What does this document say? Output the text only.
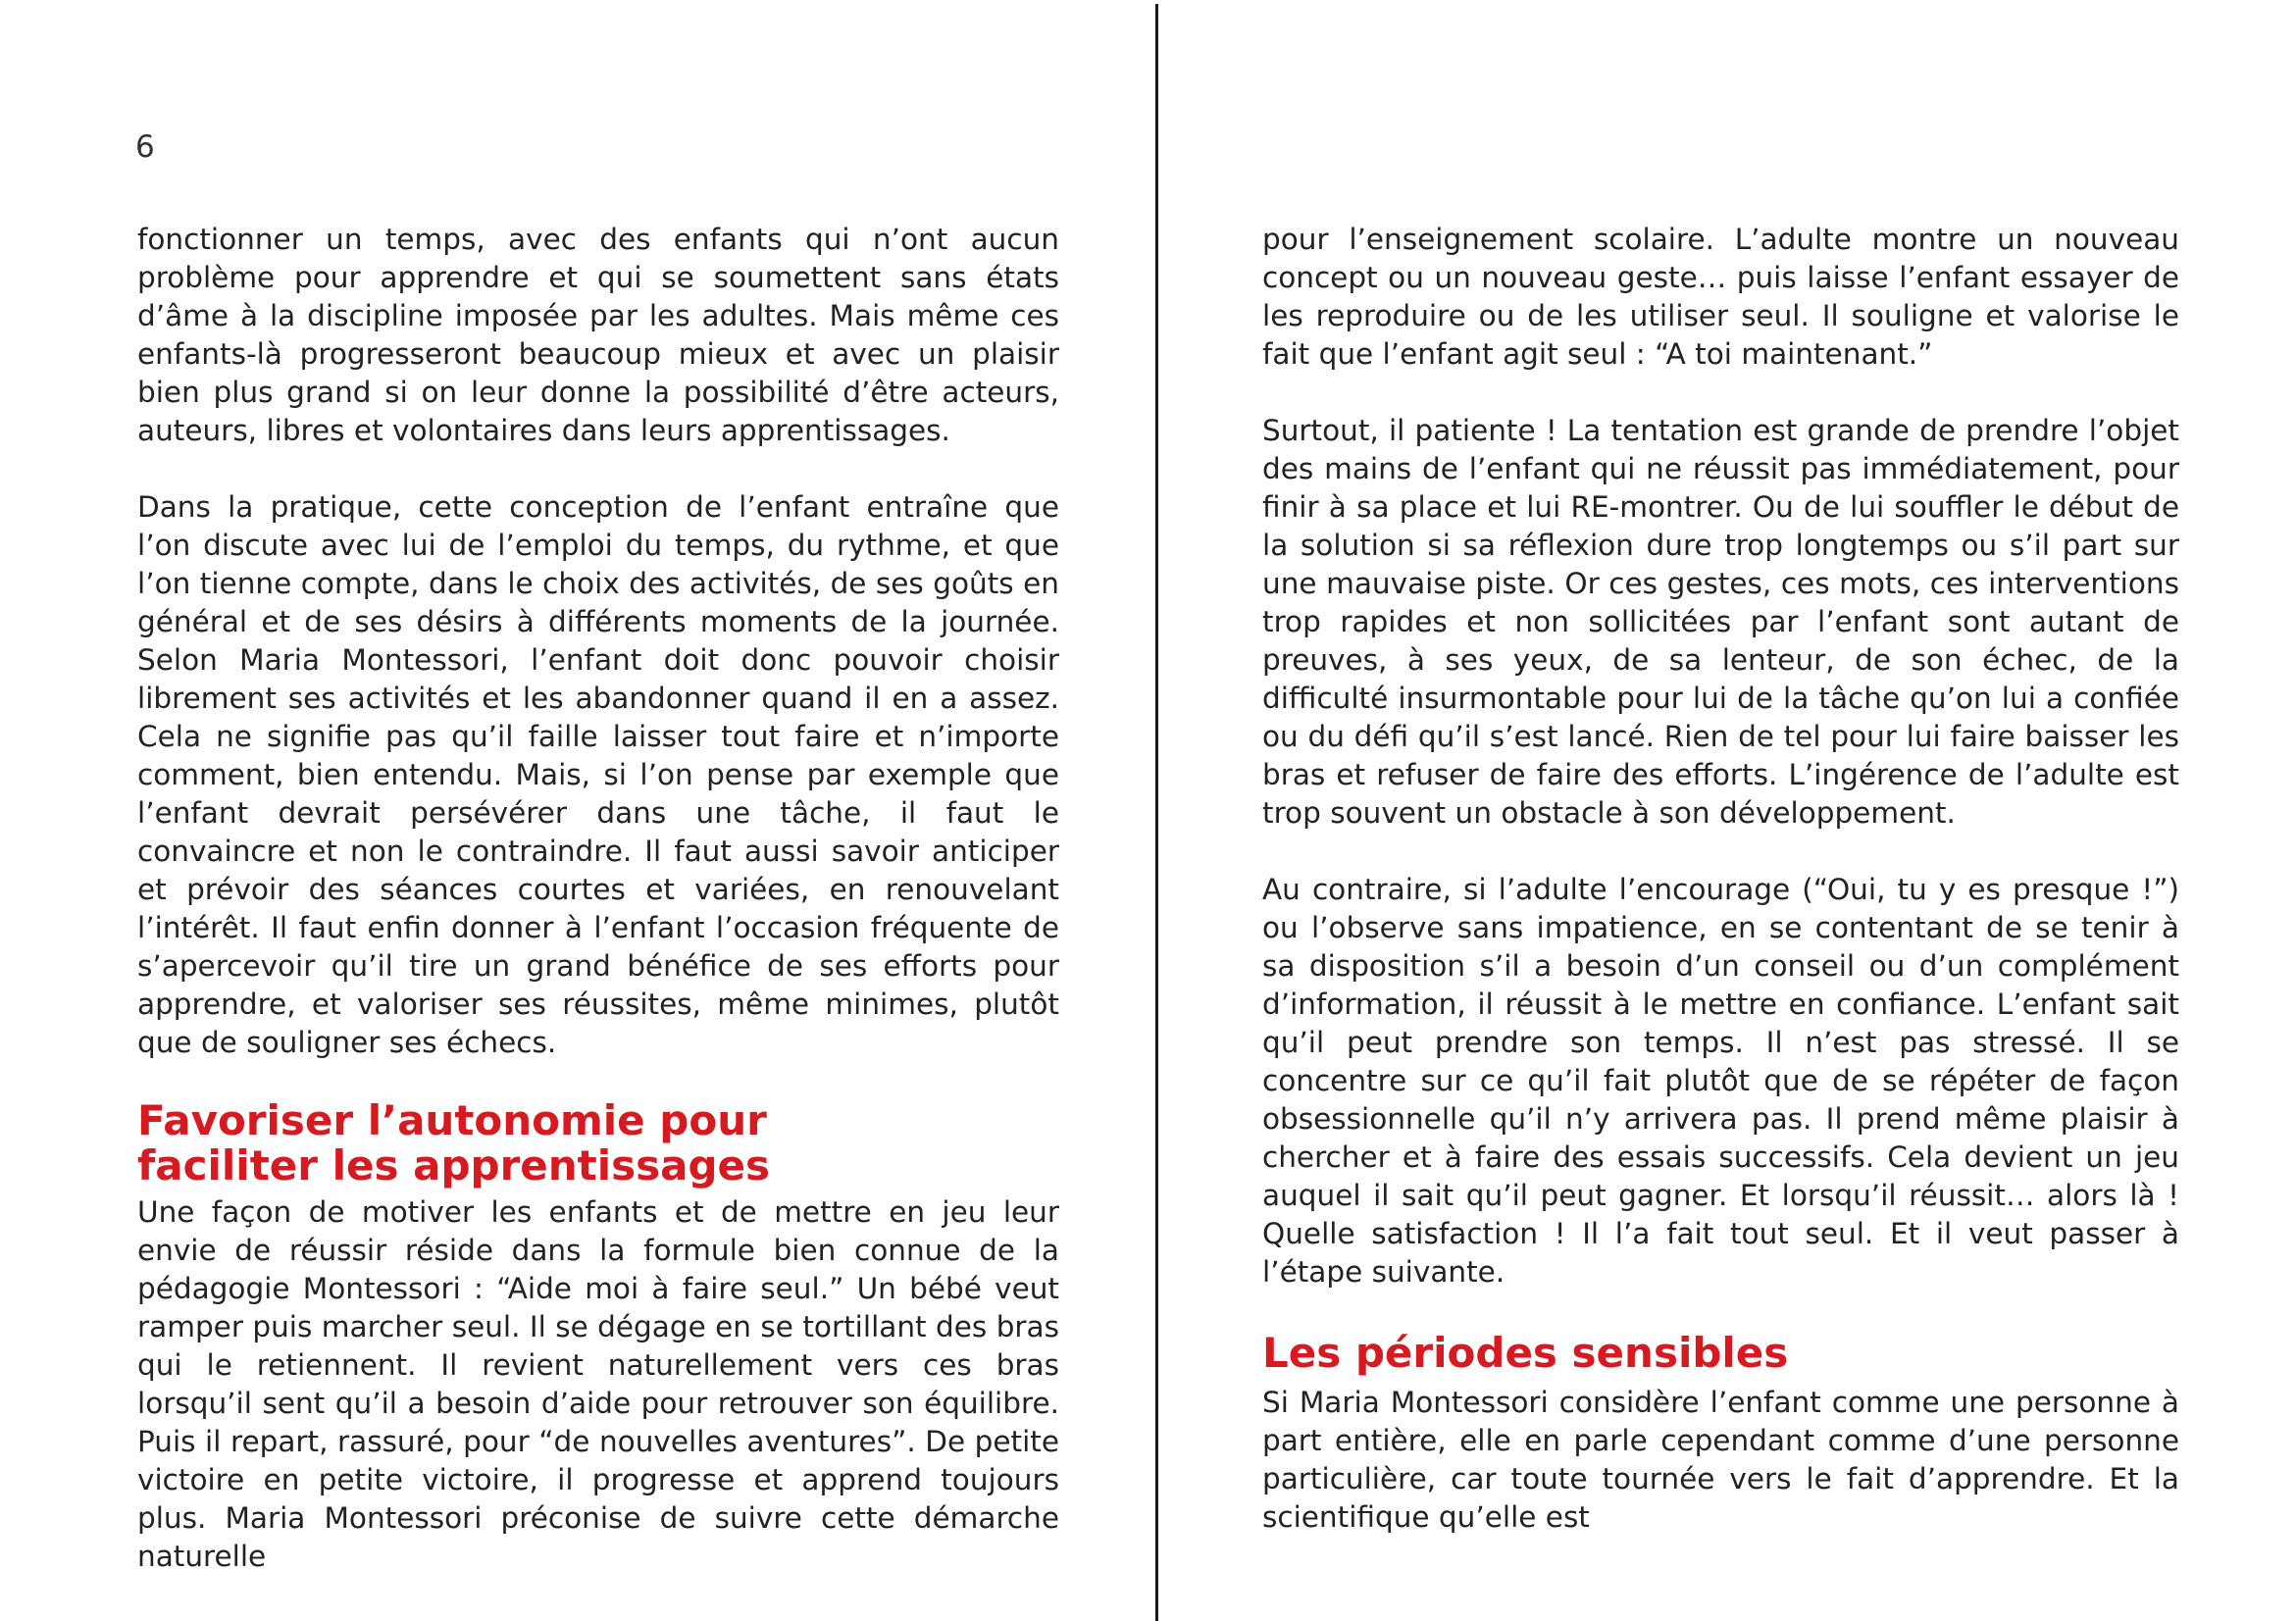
6

fonctionner un temps, avec des enfants qui n’ont aucun problème pour apprendre et qui se soumettent sans états d’âme à la discipline imposée par les adultes. Mais même ces enfants-là progresseront beaucoup mieux et avec un plaisir bien plus grand si on leur donne la possibilité d’être acteurs, auteurs, libres et volontaires dans leurs apprentissages.

Dans la pratique, cette conception de l’enfant entraîne que l’on discute avec lui de l’emploi du temps, du rythme, et que l’on tienne compte, dans le choix des activités, de ses goûts en général et de ses désirs à différents moments de la journée. Selon Maria Montessori, l’enfant doit donc pouvoir choisir librement ses activités et les abandonner quand il en a assez. Cela ne signifie pas qu’il faille laisser tout faire et n’importe comment, bien entendu. Mais, si l’on pense par exemple que l’enfant devrait persévérer dans une tâche, il faut le convaincre et non le contraindre. Il faut aussi savoir anticiper et prévoir des séances courtes et variées, en renouvelant l’intérêt. Il faut enfin donner à l’enfant l’occasion fréquente de s’apercevoir qu’il tire un grand bénéfice de ses efforts pour apprendre, et valoriser ses réussites, même minimes, plutôt que de souligner ses échecs.

Favoriser l’autonomie pour faciliter les apprentissages

Une façon de motiver les enfants et de mettre en jeu leur envie de réussir réside dans la formule bien connue de la pédagogie Montessori : “Aide moi à faire seul.” Un bébé veut ramper puis marcher seul. Il se dégage en se tortillant des bras qui le retiennent. Il revient naturellement vers ces bras lorsqu’il sent qu’il a besoin d’aide pour retrouver son équilibre. Puis il repart, rassuré, pour “de nouvelles aventures”. De petite victoire en petite victoire, il progresse et apprend toujours plus. Maria Montessori préconise de suivre cette démarche naturelle

pour l’enseignement scolaire. L’adulte montre un nouveau concept ou un nouveau geste… puis laisse l’enfant essayer de les reproduire ou de les utiliser seul. Il souligne et valorise le fait que l’enfant agit seul : “A toi maintenant.”

Surtout, il patiente ! La tentation est grande de prendre l’objet des mains de l’enfant qui ne réussit pas immédiatement, pour finir à sa place et lui RE-montrer. Ou de lui souffler le début de la solution si sa réflexion dure trop longtemps ou s’il part sur une mauvaise piste. Or ces gestes, ces mots, ces interventions trop rapides et non sollicitées par l’enfant sont autant de preuves, à ses yeux, de sa lenteur, de son échec, de la difficulté insurmontable pour lui de la tâche qu’on lui a confiée ou du défi qu’il s’est lancé. Rien de tel pour lui faire baisser les bras et refuser de faire des efforts. L’ingérence de l’adulte est trop souvent un obstacle à son développement.

Au contraire, si l’adulte l’encourage (“Oui, tu y es presque !”) ou l’observe sans impatience, en se contentant de se tenir à sa disposition s’il a besoin d’un conseil ou d’un complément d’information, il réussit à le mettre en confiance. L’enfant sait qu’il peut prendre son temps. Il n’est pas stressé. Il se concentre sur ce qu’il fait plutôt que de se répéter de façon obsessionnelle qu’il n’y arrivera pas. Il prend même plaisir à chercher et à faire des essais successifs. Cela devient un jeu auquel il sait qu’il peut gagner. Et lorsqu’il réussit… alors là ! Quelle satisfaction ! Il l’a fait tout seul. Et il veut passer à l’étape suivante.

Les périodes sensibles

Si Maria Montessori considère l’enfant comme une personne à part entière, elle en parle cependant comme d’une personne particulière, car toute tournée vers le fait d’apprendre. Et la scientifique qu’elle est
